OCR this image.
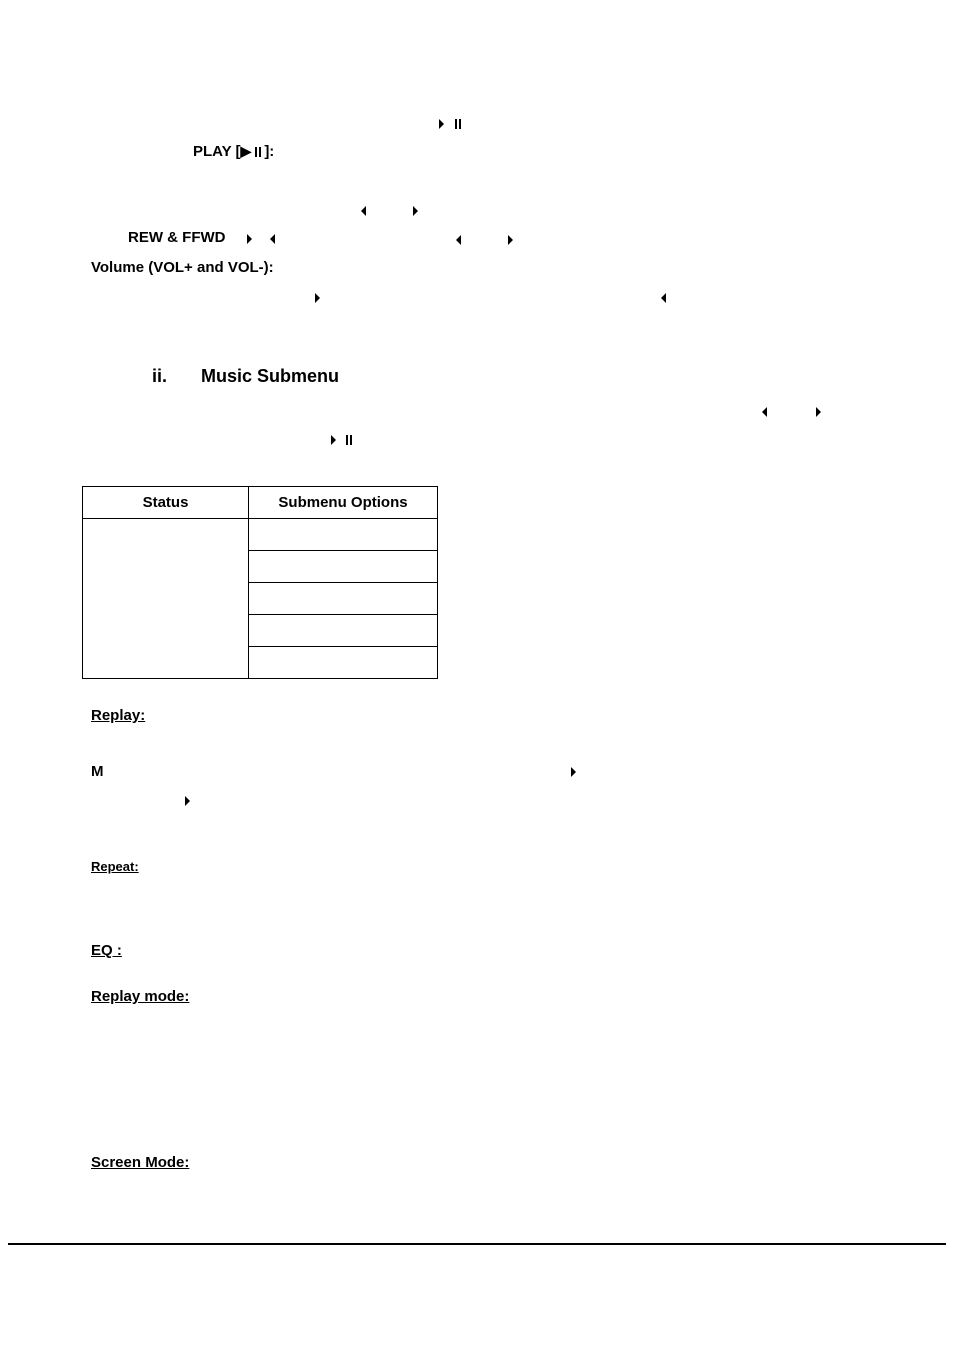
PLAY [▶ ]:
REW & FFWD
Volume (VOL+ and VOL-):
ii. Music Submenu
Status	Submenu Options

Replay:
M
Repeat:
EQ :
Replay mode:
Screen Mode:
